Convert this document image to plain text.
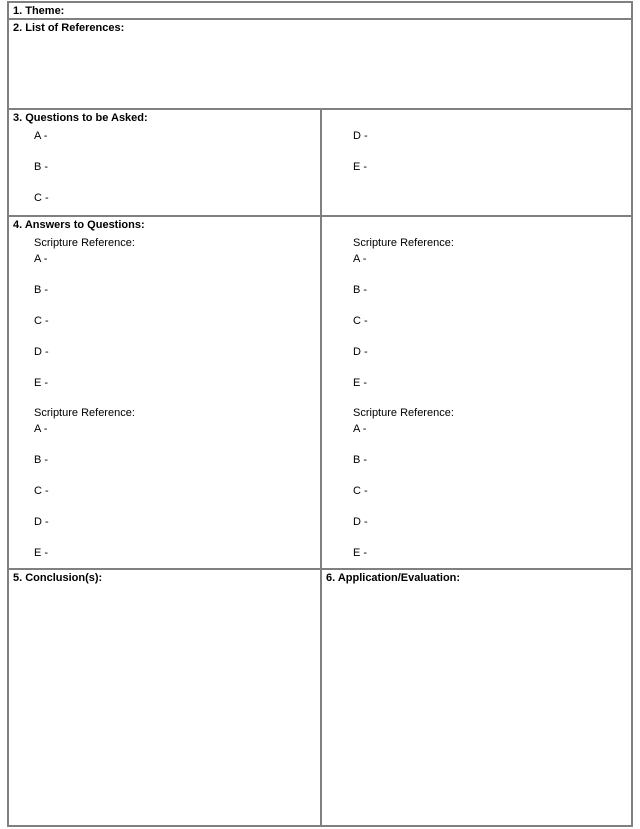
1. Theme:
2. List of References:
3. Questions to be Asked:
A -
B -
C -
D -
E -
4. Answers to Questions:
Scripture Reference:
A -
B -
C -
D -
E -
Scripture Reference:
A -
B -
C -
D -
E -
Scripture Reference:
A -
B -
C -
D -
E -
Scripture Reference:
A -
B -
C -
D -
E -
5. Conclusion(s):	6. Application/Evaluation:
